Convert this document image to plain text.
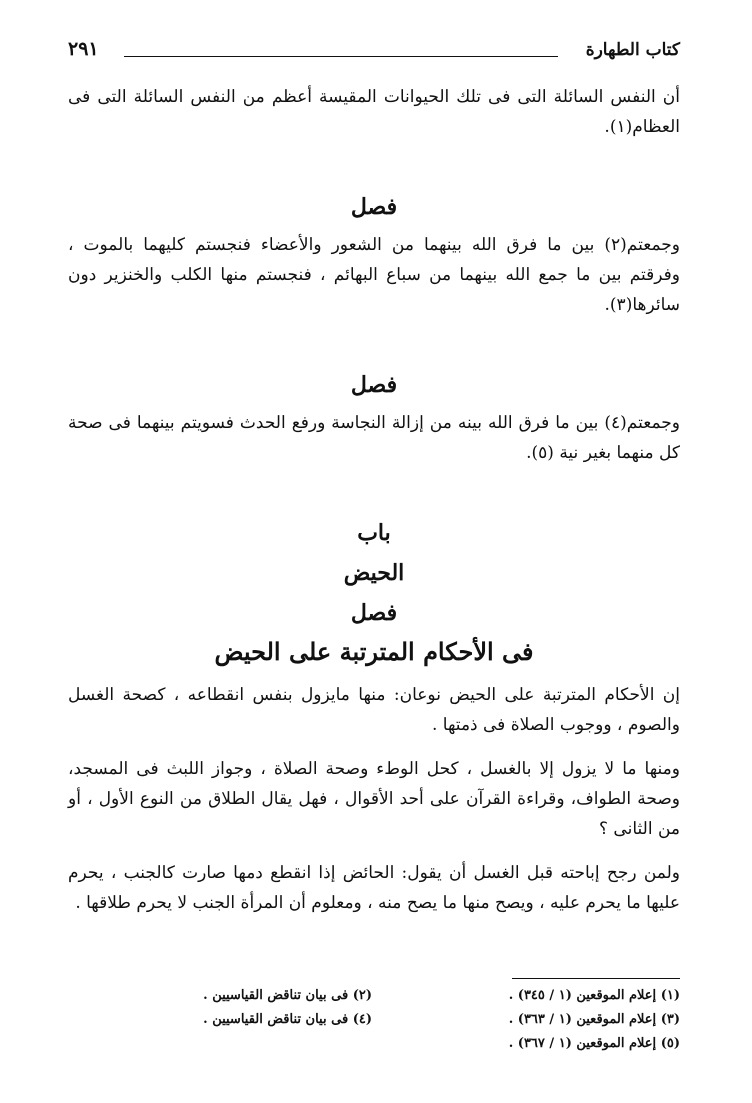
كتاب الطهارة
٢٩١

أن النفس السائلة التى فى تلك الحيوانات المقيسة أعظم من النفس السائلة التى فى العظام(١).

فصل

وجمعتم(٢) بين ما فرق الله بينهما من الشعور والأعضاء فنجستم كليهما بالموت ، وفرقتم بين ما جمع الله بينهما من سباع البهائم ، فنجستم منها الكلب والخنزير دون سائرها(٣).

فصل

وجمعتم(٤) بين ما فرق الله بينه من إزالة النجاسة ورفع الحدث فسويتم بينهما فى صحة كل منهما بغير نية (٥).

باب
الحيض
فصل
فى الأحكام المترتبة على الحيض

إن الأحكام المترتبة على الحيض نوعان: منها مايزول بنفس انقطاعه ، كصحة الغسل والصوم ، ووجوب الصلاة فى ذمتها .

ومنها ما لا يزول إلا بالغسل ، كحل الوطء وصحة الصلاة ، وجواز اللبث فى المسجد، وصحة الطواف، وقراءة القرآن على أحد الأقوال ، فهل يقال الطلاق من النوع الأول ، أو من الثانى ؟

ولمن رجح إباحته قبل الغسل أن يقول: الحائض إذا انقطع دمها صارت كالجنب ، يحرم عليها ما يحرم عليه ، ويصح منها ما يصح منه ، ومعلوم أن المرأة الجنب لا يحرم طلاقها .

(١) إعلام الموقعين (١ / ٣٤٥) .
(٢) فى بيان تناقض القياسيين .
(٣) إعلام الموقعين (١ / ٣٦٣) .
(٤) فى بيان تناقض القياسيين .
(٥) إعلام الموقعين (١ / ٣٦٧) .
